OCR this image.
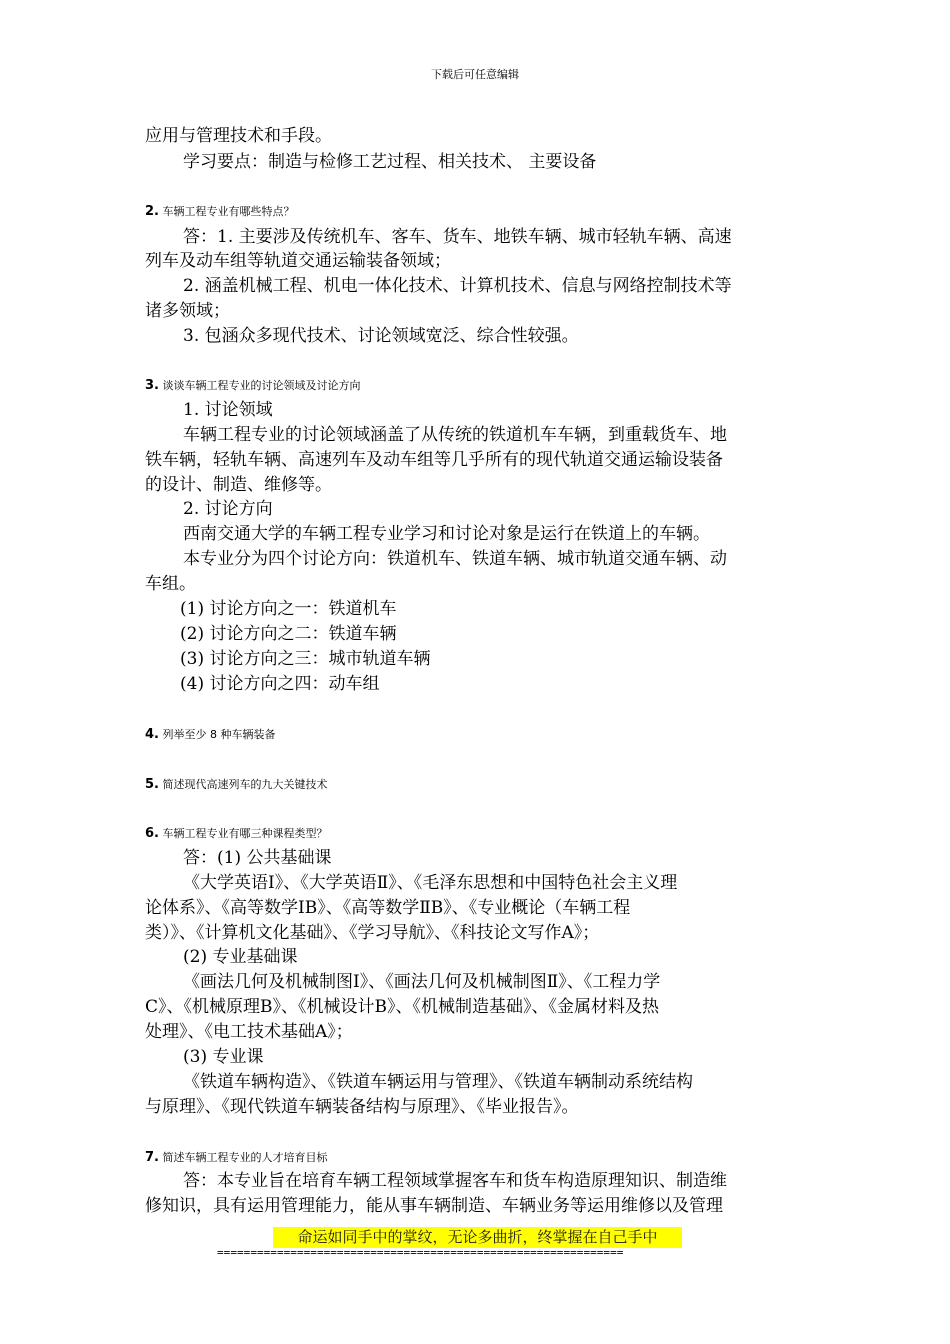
下载后可任意编辑
应用与管理技术和手段。
学习要点：制造与检修工艺过程、相关技术、 主要设备
2. 车辆工程专业有哪些特点？
答：1. 主要涉及传统机车、客车、货车、地铁车辆、城市轻轨车辆、高速
列车及动车组等轨道交通运输装备领域；
2. 涵盖机械工程、机电一体化技术、计算机技术、信息与网络控制技术等
诸多领域；
3. 包涵众多现代技术、讨论领域宽泛、综合性较强。
3. 谈谈车辆工程专业的讨论领域及讨论方向
1. 讨论领域
车辆工程专业的讨论领域涵盖了从传统的铁道机车车辆，到重载货车、地
铁车辆，轻轨车辆、高速列车及动车组等几乎所有的现代轨道交通运输设装备
的设计、制造、维修等。
2. 讨论方向
西南交通大学的车辆工程专业学习和讨论对象是运行在铁道上的车辆。
本专业分为四个讨论方向：铁道机车、铁道车辆、城市轨道交通车辆、动
车组。
(1) 讨论方向之一：铁道机车
(2) 讨论方向之二：铁道车辆
(3) 讨论方向之三：城市轨道车辆
(4) 讨论方向之四：动车组
4. 列举至少 8 种车辆装备
5. 简述现代高速列车的九大关键技术
6. 车辆工程专业有哪三种课程类型？
答：(1) 公共基础课
《大学英语Ⅰ》、《大学英语Ⅱ》、《毛泽东思想和中国特色社会主义理
论体系》、《高等数学ⅠB》、《高等数学ⅡB》、《专业概论（车辆工程
类）》、《计算机文化基础》、《学习导航》、《科技论文写作A》；
(2) 专业基础课
《画法几何及机械制图Ⅰ》、《画法几何及机械制图Ⅱ》、《工程力学
C》、《机械原理B》、《机械设计B》、《机械制造基础》、《金属材料及热
处理》、《电工技术基础A》；
(3) 专业课
《铁道车辆构造》、《铁道车辆运用与管理》、《铁道车辆制动系统结构
与原理》、《现代铁道车辆装备结构与原理》、《毕业报告》。
7. 简述车辆工程专业的人才培育目标
答：本专业旨在培育车辆工程领域掌握客车和货车构造原理知识、制造维
修知识，具有运用管理能力，能从事车辆制造、车辆业务等运用维修以及管理
命运如同手中的掌纹，无论多曲折，终掌握在自己手中
=============================================================
